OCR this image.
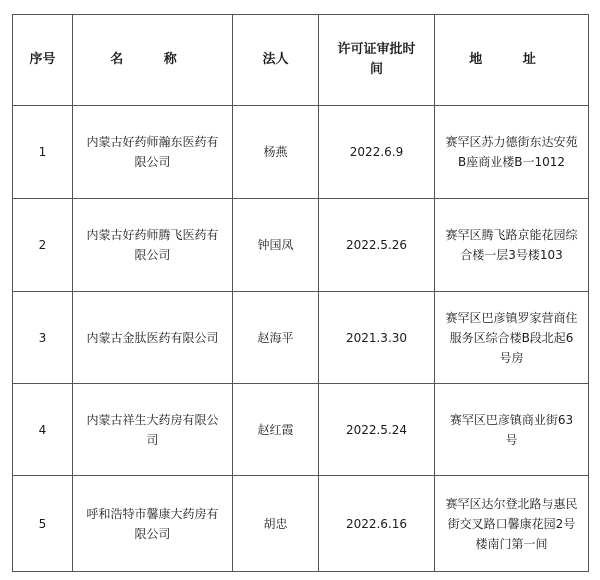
序号	名 称	法人	许可证审批时间	地 址
1	内蒙古好药师瀚东医药有限公司	杨燕	2022.6.9	赛罕区苏力德街东达安苑B座商业楼B一1012
2	内蒙古好药师腾飞医药有限公司	钟国凤	2022.5.26	赛罕区腾飞路京能花园综合楼一层3号楼103
3	内蒙古金肽医药有限公司	赵海平	2021.3.30	赛罕区巴彦镇罗家营商住服务区综合楼B段北起6号房
4	内蒙古祥生大药房有限公司	赵红霞	2022.5.24	赛罕区巴彦镇商业街63号
5	呼和浩特市馨康大药房有限公司	胡忠	2022.6.16	赛罕区达尔登北路与惠民街交叉路口馨康花园2号楼南门第一间
